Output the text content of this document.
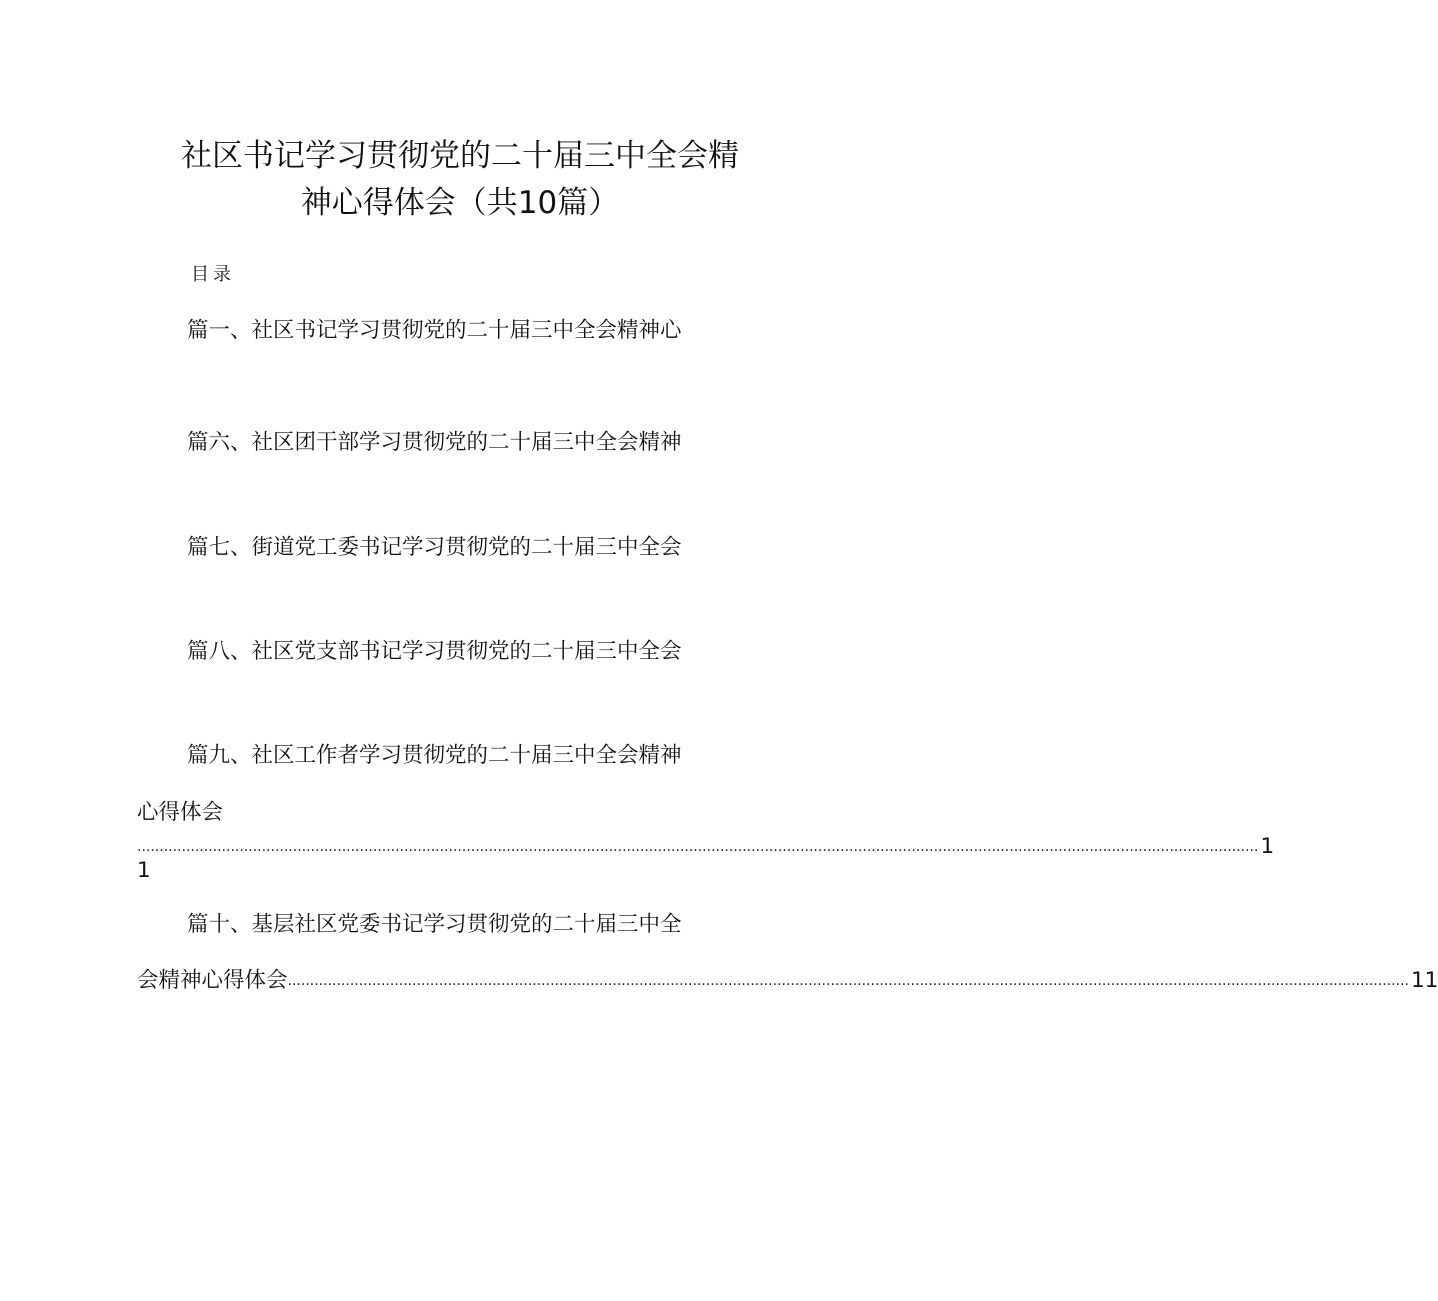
社区书记学习贯彻党的二十届三中全会精
神心得体会（共10篇）
目录
篇一、社区书记学习贯彻党的二十届三中全会精神心
篇六、社区团干部学习贯彻党的二十届三中全会精神
篇七、街道党工委书记学习贯彻党的二十届三中全会
篇八、社区党支部书记学习贯彻党的二十届三中全会
篇九、社区工作者学习贯彻党的二十届三中全会精神
心得体会
............................................................................................................................................................................................................................................................ 1
1
篇十、基层社区党委书记学习贯彻党的二十届三中全
会精神心得体会 ............................................................................................................................................................................................................................................................ 11
